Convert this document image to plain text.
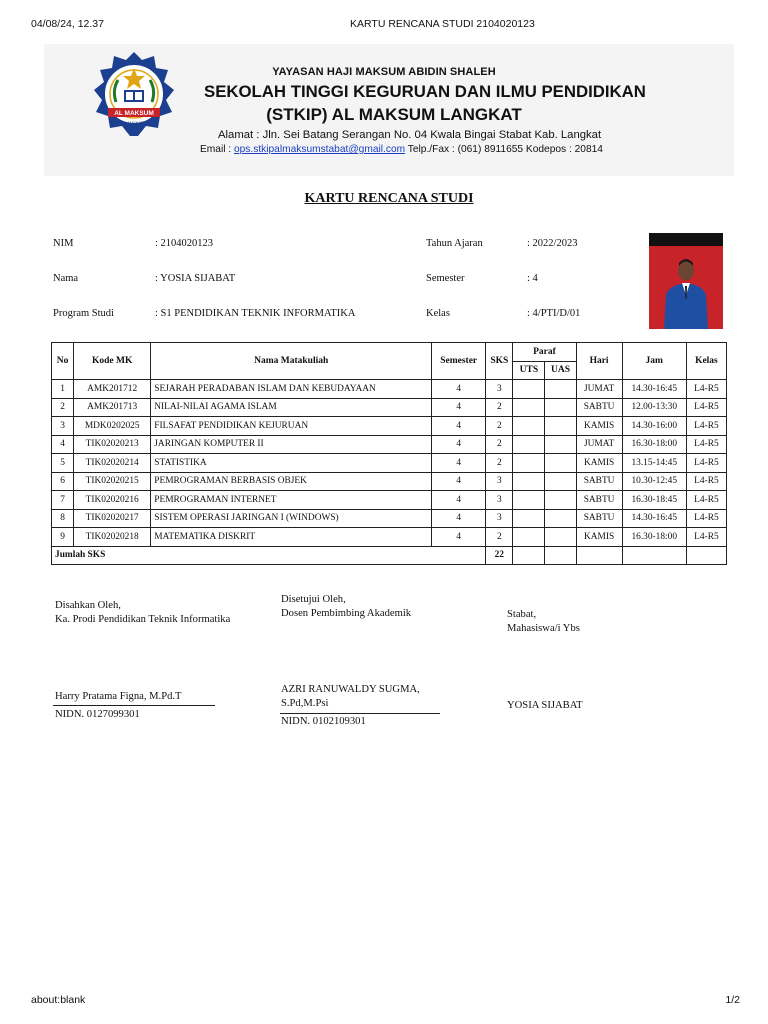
04/08/24, 12.37	KARTU RENCANA STUDI 2104020123
AL MAKSUM
LANGKAT
YAYASAN HAJI MAKSUM ABIDIN SHALEH
SEKOLAH TINGGI KEGURUAN DAN ILMU PENDIDIKAN
(STKIP) AL MAKSUM LANGKAT
Alamat : Jln. Sei Batang Serangan No. 04 Kwala Bingai Stabat Kab. Langkat
Email : ops.stkipalmaksumstabat@gmail.com Telp./Fax : (061) 8911655 Kodepos : 20814
KARTU RENCANA STUDI
NIM	: 2104020123
Nama	: YOSIA SIJABAT
Program Studi	: S1 PENDIDIKAN TEKNIK INFORMATIKA
Tahun Ajaran	: 2022/2023
Semester	: 4
Kelas	: 4/PTI/D/01
No	Kode MK	Nama Matakuliah	Semester	SKS	Paraf		Hari	Jam	Kelas
					UTS	UAS			
1	AMK201712	SEJARAH PERADABAN ISLAM DAN KEBUDAYAAN	4	3			JUMAT	14.30-16:45	L4-R5
2	AMK201713	NILAI-NILAI AGAMA ISLAM	4	2			SABTU	12.00-13:30	L4-R5
3	MDK0202025	FILSAFAT PENDIDIKAN KEJURUAN	4	2			KAMIS	14.30-16:00	L4-R5
4	TIK02020213	JARINGAN KOMPUTER II	4	2			JUMAT	16.30-18:00	L4-R5
5	TIK02020214	STATISTIKA	4	2			KAMIS	13.15-14:45	L4-R5
6	TIK02020215	PEMROGRAMAN BERBASIS OBJEK	4	3			SABTU	10.30-12:45	L4-R5
7	TIK02020216	PEMROGRAMAN INTERNET	4	3			SABTU	16.30-18:45	L4-R5
8	TIK02020217	SISTEM OPERASI JARINGAN I (WINDOWS)	4	3			SABTU	14.30-16:45	L4-R5
9	TIK02020218	MATEMATIKA DISKRIT	4	2			KAMIS	16.30-18:00	L4-R5
Jumlah SKS				22					
Disahkan Oleh,
Ka. Prodi Pendidikan Teknik Informatika
Harry Pratama Figna, M.Pd.T
NIDN. 0127099301
Disetujui Oleh,
Dosen Pembimbing Akademik
AZRI RANUWALDY SUGMA,
S.Pd,M.Psi
NIDN. 0102109301
Stabat,
Mahasiswa/i Ybs
YOSIA SIJABAT
about:blank	1/2
